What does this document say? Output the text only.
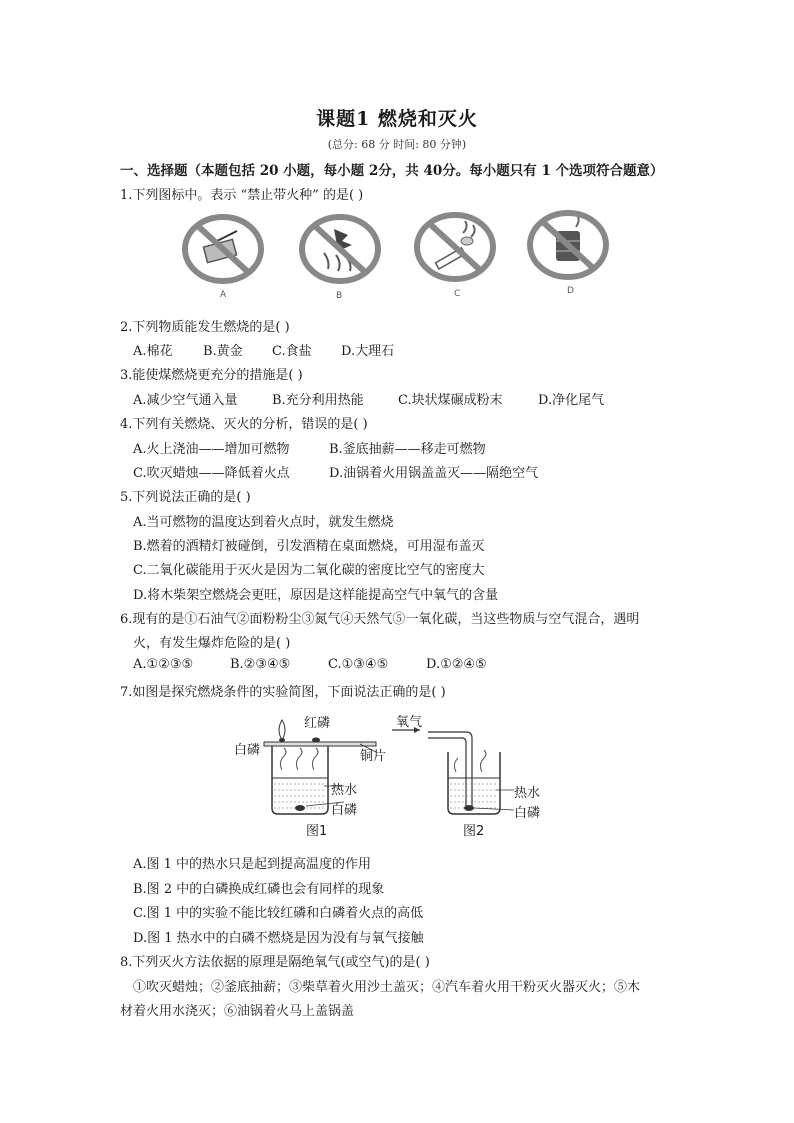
课题1 燃烧和灭火
(总分: 68 分 时间: 80 分钟)
一、选择题（本题包括 20 小题，每小题 2分，共 40分。每小题只有 1 个选项符合题意）
1.下列图标中。表示 “禁止带火种” 的是( )
A	B	C	D
2.下列物质能发生燃烧的是( )
A.棉花 B.黄金 C.食盐 D.大理石
3.能使煤燃烧更充分的措施是( )
A.减少空气通入量	B.充分利用热能	C.块状煤碾成粉末	D.净化尾气
4.下列有关燃烧、灭火的分析，错误的是( )
A.火上浇油——增加可燃物	B.釜底抽薪——移走可燃物
C.吹灭蜡烛——降低着火点	D.油锅着火用锅盖盖灭——隔绝空气
5.下列说法正确的是( )
A.当可燃物的温度达到着火点时，就发生燃烧
B.燃着的酒精灯被碰倒，引发酒精在桌面燃烧，可用湿布盖灭
C.二氧化碳能用于灭火是因为二氧化碳的密度比空气的密度大
D.将木柴架空燃烧会更旺，原因是这样能提高空气中氧气的含量
6.现有的是①石油气②面粉粉尘③氮气④天然气⑤一氧化碳，当这些物质与空气混合，遇明
火，有发生爆炸危险的是( )
A.①②③⑤	B.②③④⑤	C.①③④⑤	D.①②④⑤
7.如图是探究燃烧条件的实验简图，下面说法正确的是( )
红磷
白磷	铜片
热水
白磷
图1
氧气
热水
白磷
图2
A.图 1 中的热水只是起到提高温度的作用
B.图 2 中的白磷换成红磷也会有同样的现象
C.图 1 中的实验不能比较红磷和白磷着火点的高低
D.图 1 热水中的白磷不燃烧是因为没有与氧气接触
8.下列灭火方法依据的原理是隔绝氧气(或空气)的是( )
①吹灭蜡烛；②釜底抽薪；③柴草着火用沙土盖灭；④汽车着火用干粉灭火器灭火；⑤木
材着火用水浇灭；⑥油锅着火马上盖锅盖
